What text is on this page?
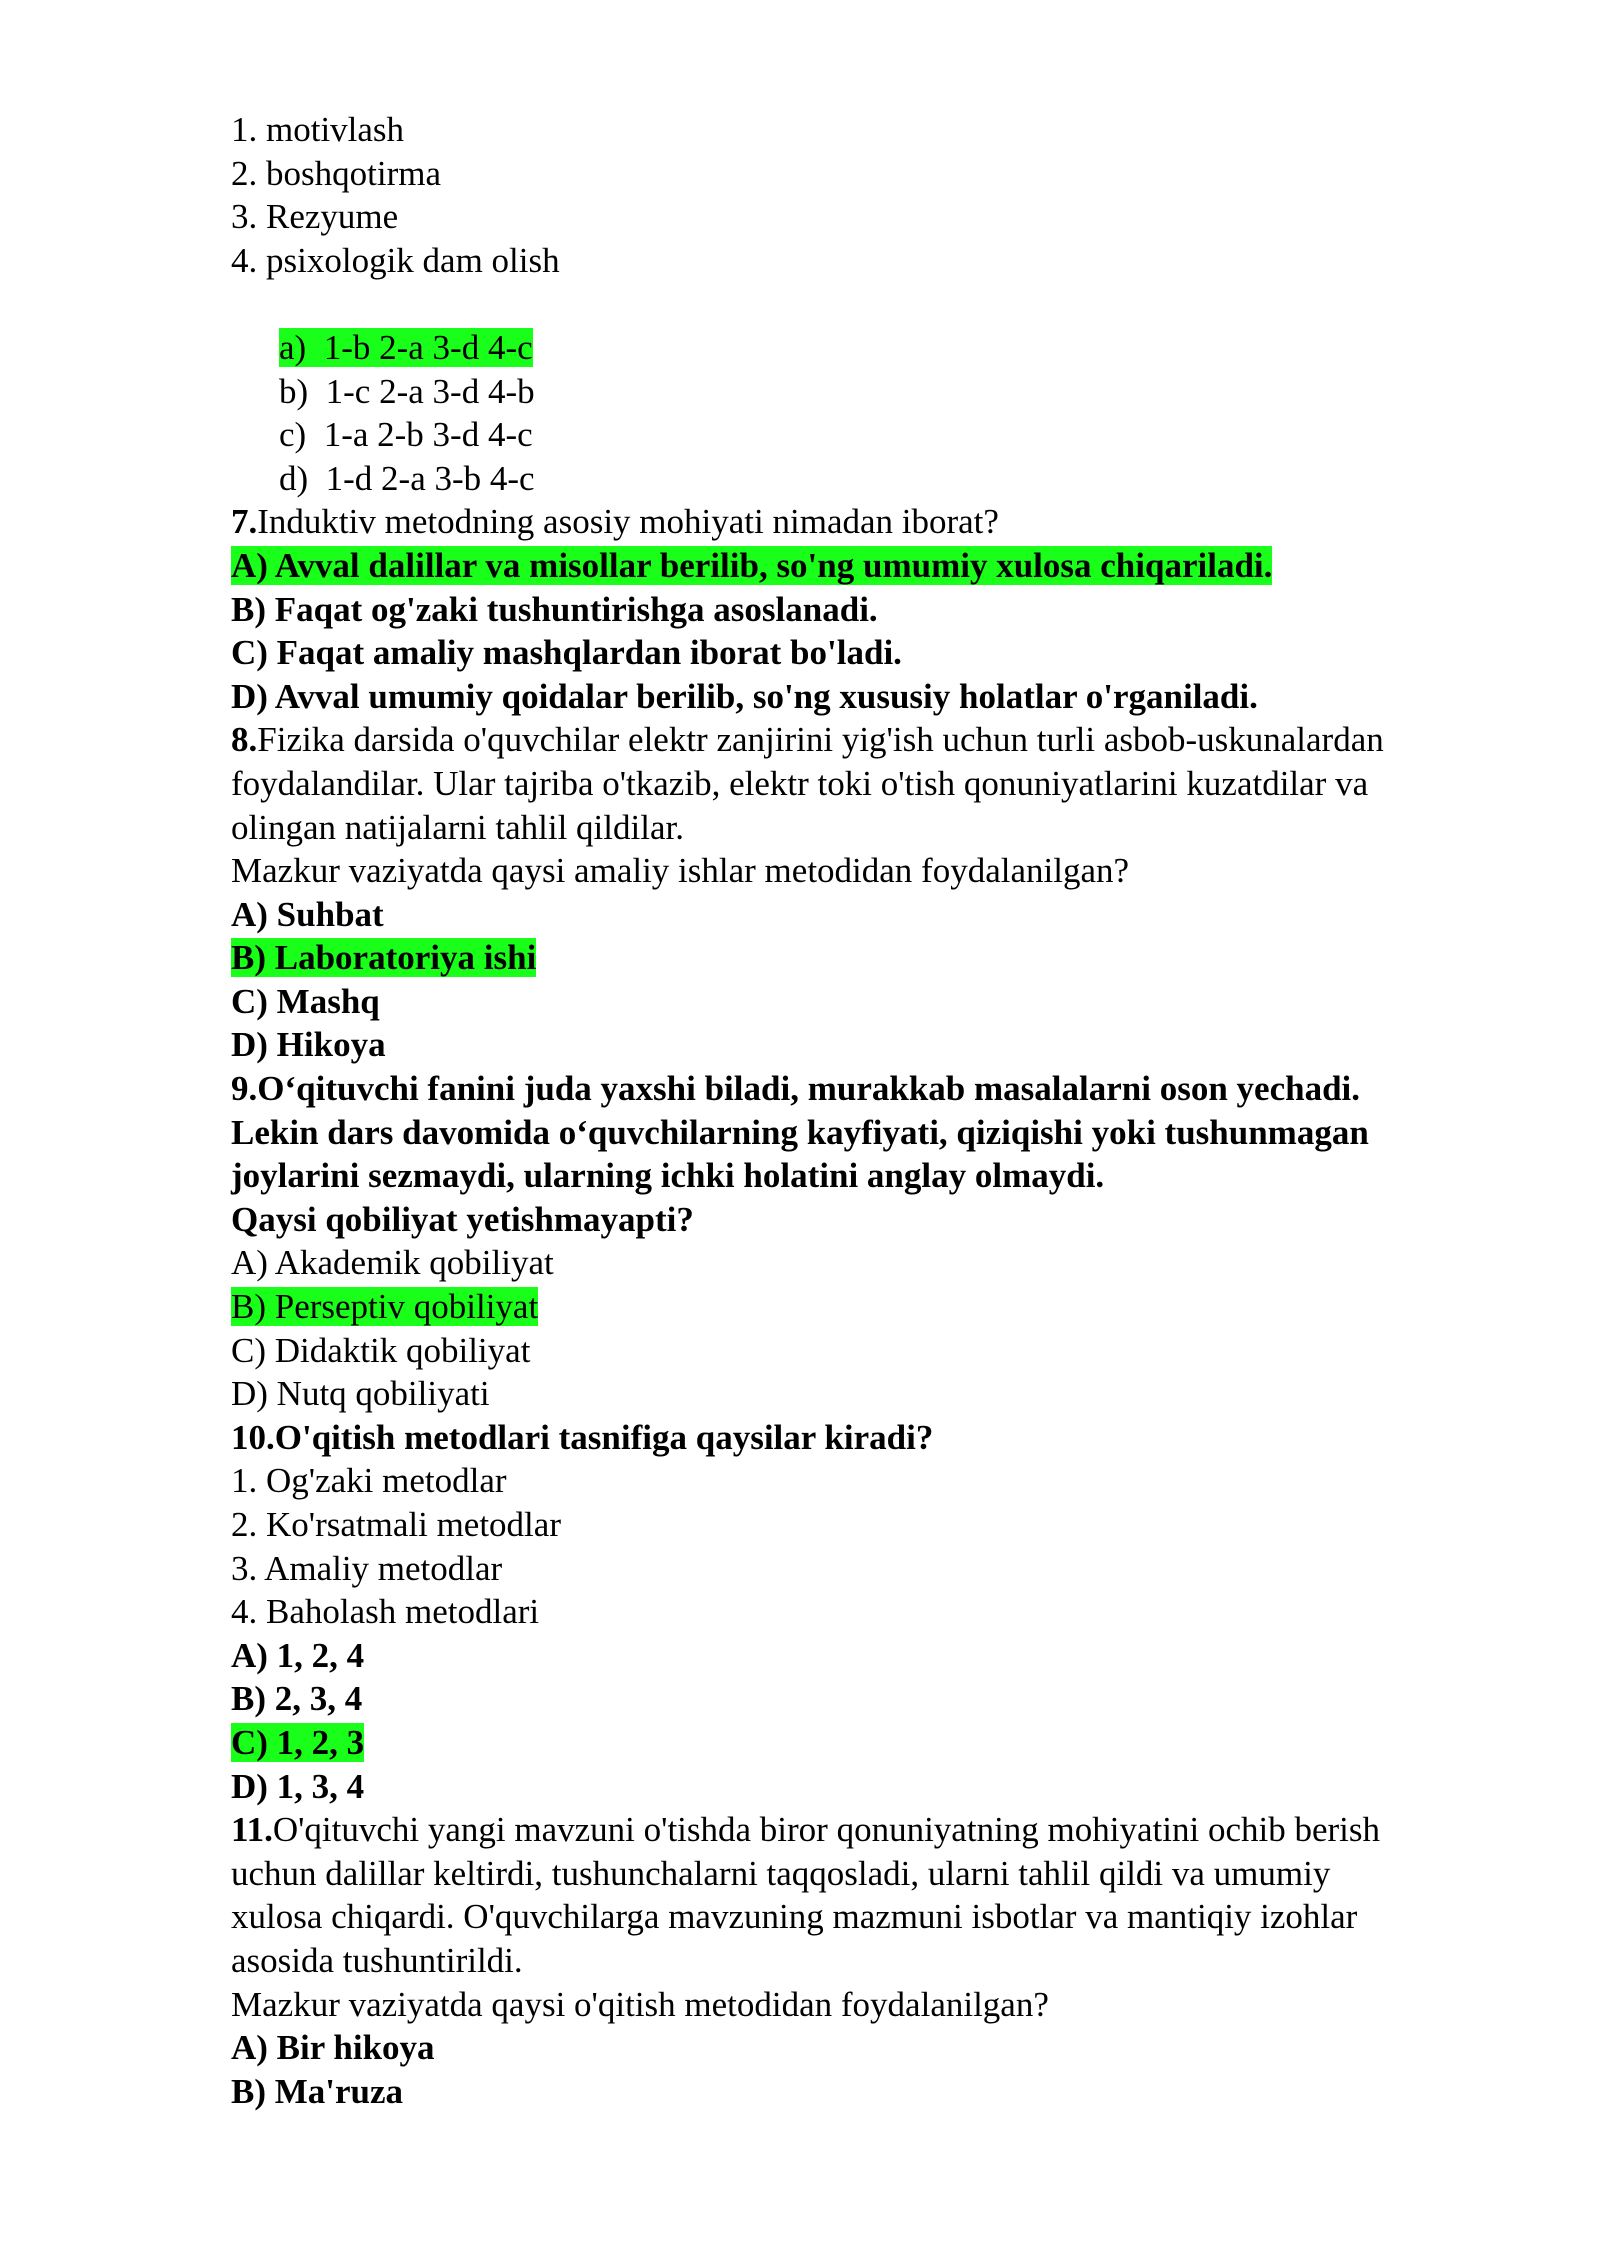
1. motivlash
2. boshqotirma
3. Rezyume
4. psixologik dam olish
a)  1-b 2-a 3-d 4-c
b)  1-c 2-a 3-d 4-b
c)  1-a 2-b 3-d 4-c
d)  1-d 2-a 3-b 4-c
7.Induktiv metodning asosiy mohiyati nimadan iborat?
A) Avval dalillar va misollar berilib, so'ng umumiy xulosa chiqariladi.
B) Faqat og'zaki tushuntirishga asoslanadi.
C) Faqat amaliy mashqlardan iborat bo'ladi.
D) Avval umumiy qoidalar berilib, so'ng xususiy holatlar o'rganiladi.
8.Fizika darsida o'quvchilar elektr zanjirini yig'ish uchun turli asbob-uskunalardan
foydalandilar. Ular tajriba o'tkazib, elektr toki o'tish qonuniyatlarini kuzatdilar va
olingan natijalarni tahlil qildilar.
Mazkur vaziyatda qaysi amaliy ishlar metodidan foydalanilgan?
A) Suhbat
B) Laboratoriya ishi
C) Mashq
D) Hikoya
9.O‘qituvchi fanini juda yaxshi biladi, murakkab masalalarni oson yechadi.
Lekin dars davomida o‘quvchilarning kayfiyati, qiziqishi yoki tushunmagan
joylarini sezmaydi, ularning ichki holatini anglay olmaydi.
Qaysi qobiliyat yetishmayapti?
A) Akademik qobiliyat
B) Perseptiv qobiliyat
C) Didaktik qobiliyat
D) Nutq qobiliyati
10.O'qitish metodlari tasnifiga qaysilar kiradi?
1. Og'zaki metodlar
2. Ko'rsatmali metodlar
3. Amaliy metodlar
4. Baholash metodlari
A) 1, 2, 4
B) 2, 3, 4
C) 1, 2, 3
D) 1, 3, 4
11.O'qituvchi yangi mavzuni o'tishda biror qonuniyatning mohiyatini ochib berish
uchun dalillar keltirdi, tushunchalarni taqqosladi, ularni tahlil qildi va umumiy
xulosa chiqardi. O'quvchilarga mavzuning mazmuni isbotlar va mantiqiy izohlar
asosida tushuntirildi.
Mazkur vaziyatda qaysi o'qitish metodidan foydalanilgan?
A) Bir hikoya
B) Ma'ruza
